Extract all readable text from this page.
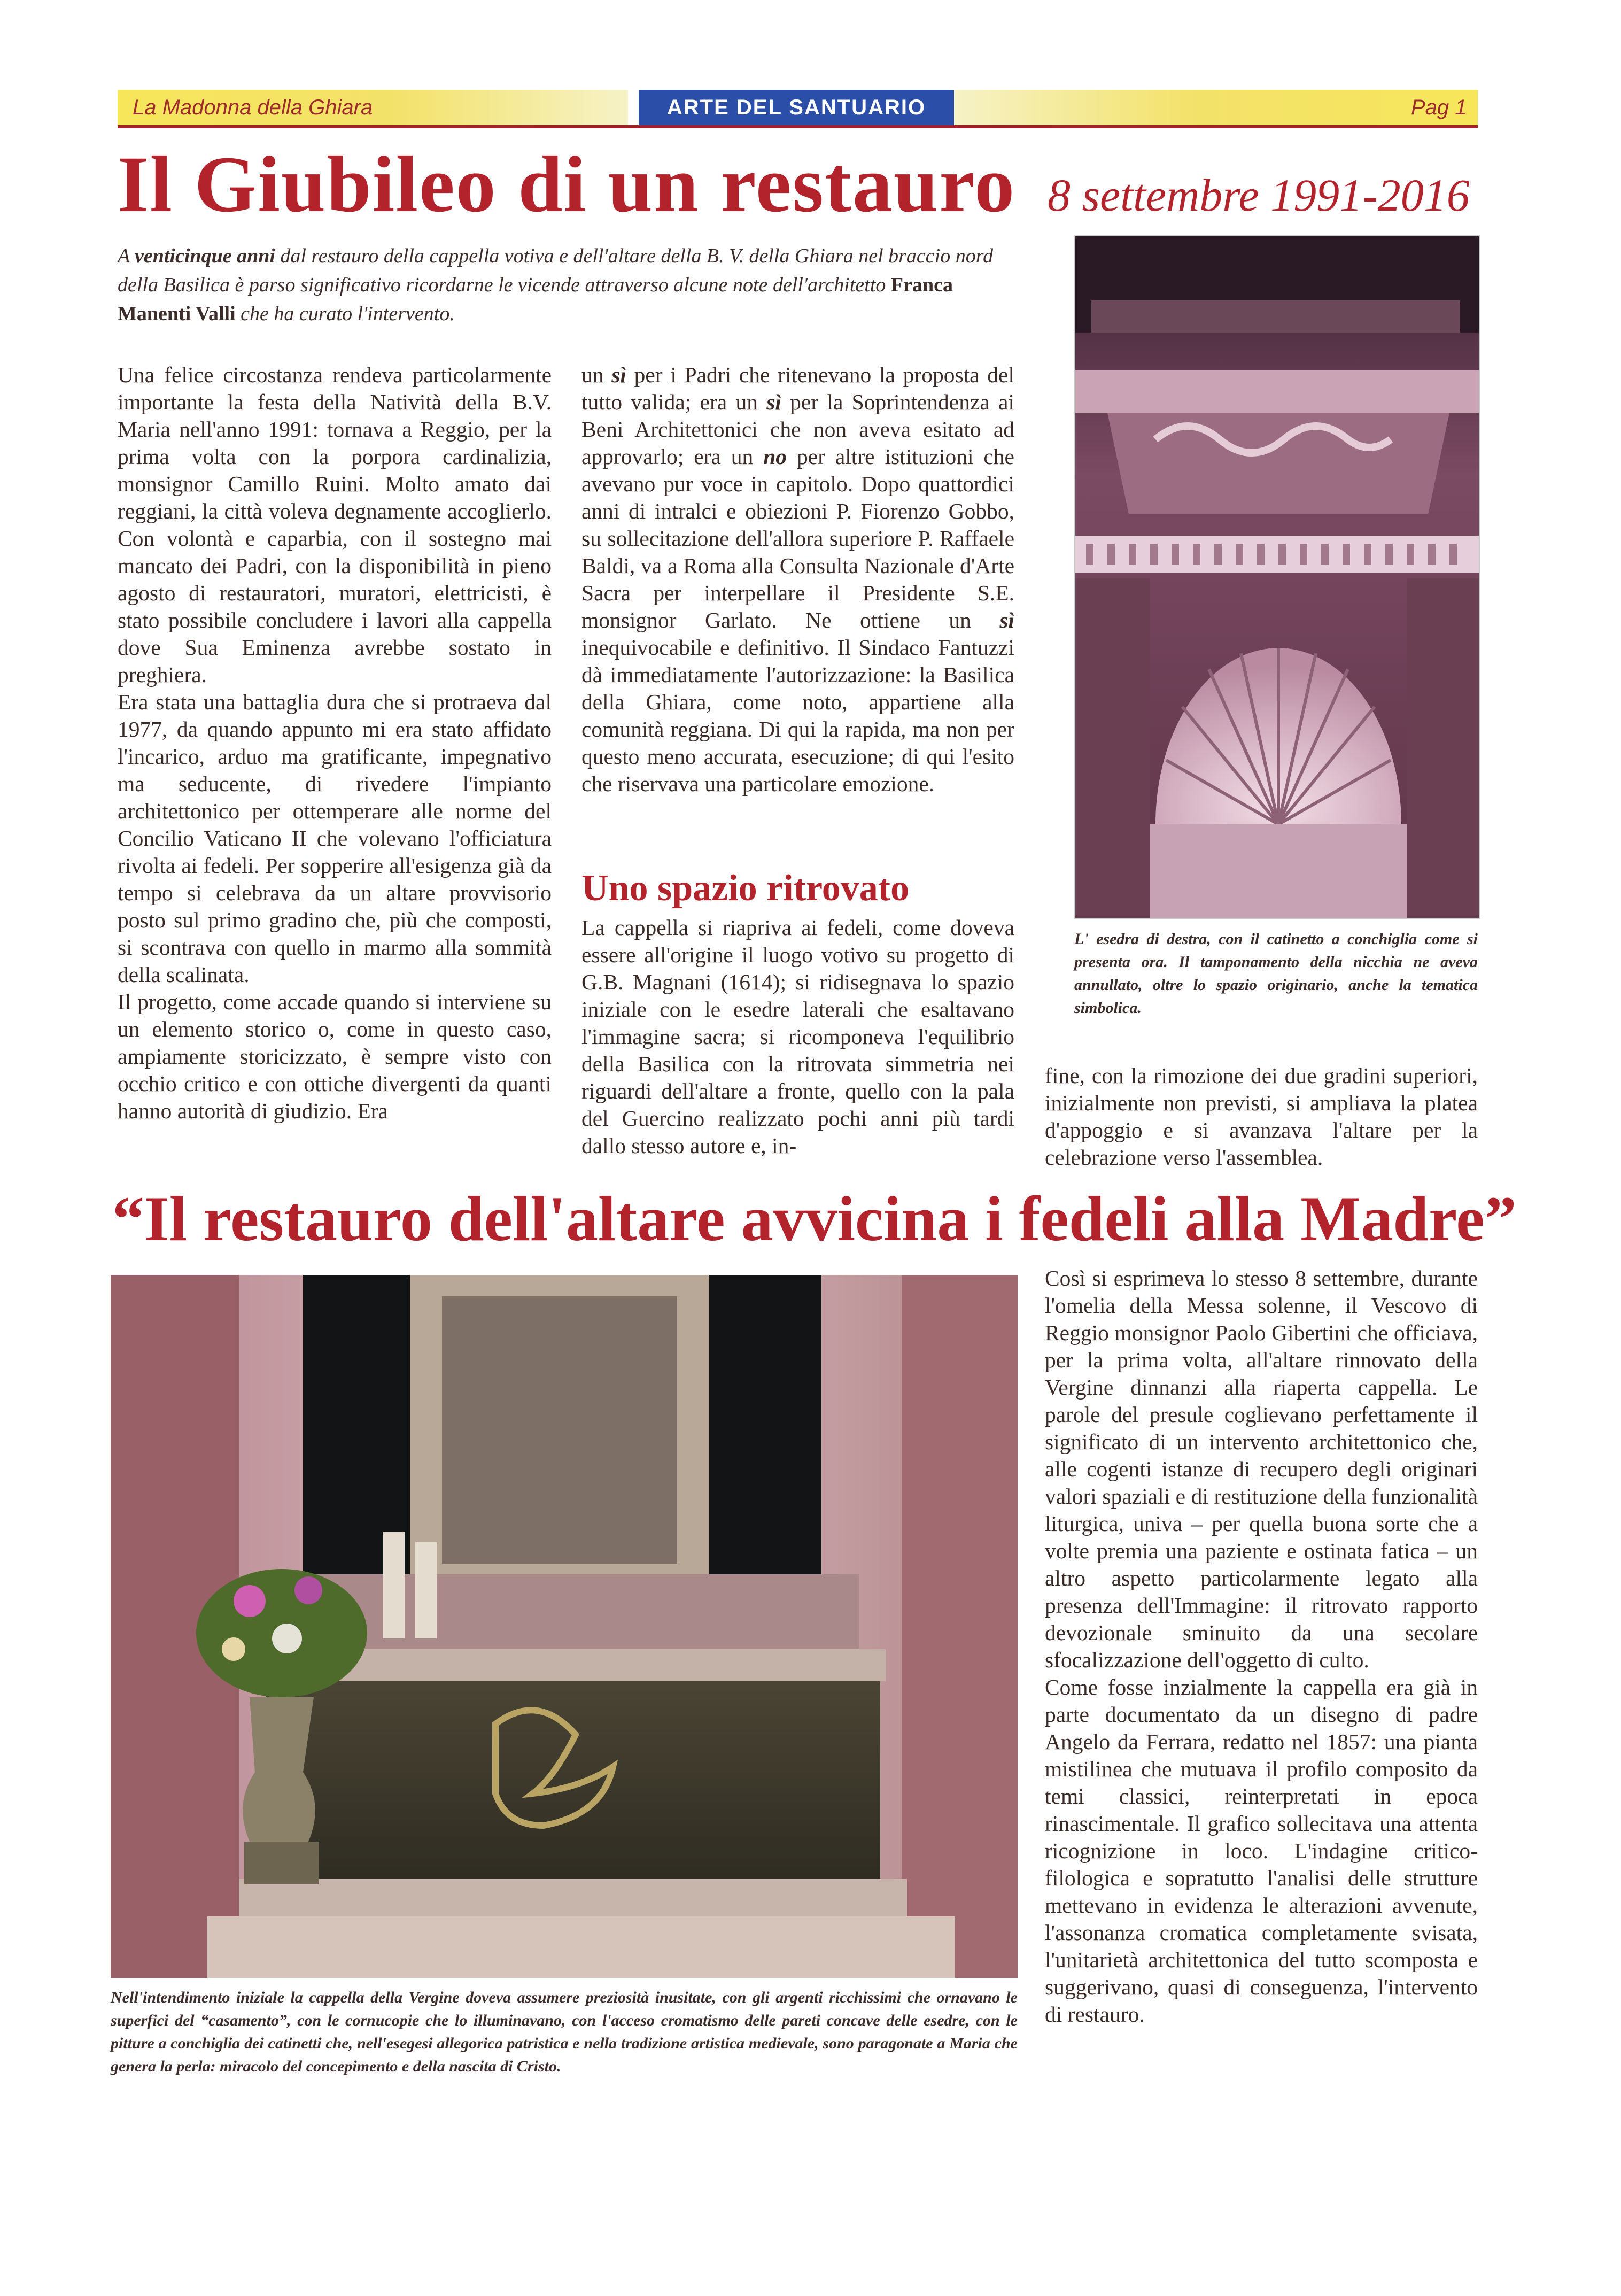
La Madonna della Ghiara	ARTE DEL SANTUARIO	Pag 1
Il Giubileo di un restauro 8 settembre 1991-2016
A venticinque anni dal restauro della cappella votiva e dell'altare della B. V. della Ghiara nel braccio nord della Basilica è parso significativo ricordarne le vicende attraverso alcune note dell'architetto Franca Manenti Valli che ha curato l'intervento.

Una felice circostanza rendeva particolarmente importante la festa della Natività della B.V. Maria nell'anno 1991: tornava a Reggio, per la prima volta con la porpora cardinalizia, monsignor Camillo Ruini. Molto amato dai reggiani, la città voleva degnamente accoglierlo. Con volontà e caparbia, con il sostegno mai mancato dei Padri, con la disponibilità in pieno agosto di restauratori, muratori, elettricisti, è stato possibile concludere i lavori alla cappella dove Sua Eminenza avrebbe sostato in preghiera.

Era stata una battaglia dura che si protraeva dal 1977, da quando appunto mi era stato affidato l'incarico, arduo ma gratificante, impegnativo ma seducente, di rivedere l'impianto architettonico per ottemperare alle norme del Concilio Vaticano II che volevano l'officiatura rivolta ai fedeli. Per sopperire all'esigenza già da tempo si celebrava da un altare provvisorio posto sul primo gradino che, più che composti, si scontrava con quello in marmo alla sommità della scalinata.

Il progetto, come accade quando si interviene su un elemento storico o, come in questo caso, ampiamente storicizzato, è sempre visto con occhio critico e con ottiche divergenti da quanti hanno autorità di giudizio. Era

un sì per i Padri che ritenevano la proposta del tutto valida; era un sì per la Soprintendenza ai Beni Architettonici che non aveva esitato ad approvarlo; era un no per altre istituzioni che avevano pur voce in capitolo. Dopo quattordici anni di intralci e obiezioni P. Fiorenzo Gobbo, su sollecitazione dell'allora superiore P. Raffaele Baldi, va a Roma alla Consulta Nazionale d'Arte Sacra per interpellare il Presidente S.E. monsignor Garlato. Ne ottiene un sì inequivocabile e definitivo. Il Sindaco Fantuzzi dà immediatamente l'autorizzazione: la Basilica della Ghiara, come noto, appartiene alla comunità reggiana. Di qui la rapida, ma non per questo meno accurata, esecuzione; di qui l'esito che riservava una particolare emozione.

Uno spazio ritrovato

La cappella si riapriva ai fedeli, come doveva essere all'origine il luogo votivo su progetto di G.B. Magnani (1614); si ridisegnava lo spazio iniziale con le esedre laterali che esaltavano l'immagine sacra; si ricomponeva l'equilibrio della Basilica con la ritrovata simmetria nei riguardi dell'altare a fronte, quello con la pala del Guercino realizzato pochi anni più tardi dallo stesso autore e, in-

L' esedra di destra, con il catinetto a conchiglia come si presenta ora. Il tamponamento della nicchia ne aveva annullato, oltre lo spazio originario, anche la tematica simbolica.

fine, con la rimozione dei due gradini superiori, inizialmente non previsti, si ampliava la platea d'appoggio e si avanzava l'altare per la celebrazione verso l'assemblea.

“Il restauro dell'altare avvicina i fedeli alla Madre”
Nell'intendimento iniziale la cappella della Vergine doveva assumere preziosità inusitate, con gli argenti ricchissimi che ornavano le superfici del “casamento”, con le cornucopie che lo illuminavano, con l'acceso cromatismo delle pareti concave delle esedre, con le pitture a conchiglia dei catinetti che, nell'esegesi allegorica patristica e nella tradizione artistica medievale, sono paragonate a Maria che genera la perla: miracolo del concepimento e della nascita di Cristo.

Così si esprimeva lo stesso 8 settembre, durante l'omelia della Messa solenne, il Vescovo di Reggio monsignor Paolo Gibertini che officiava, per la prima volta, all'altare rinnovato della Vergine dinnanzi alla riaperta cappella. Le parole del presule coglievano perfettamente il significato di un intervento architettonico che, alle cogenti istanze di recupero degli originari valori spaziali e di restituzione della funzionalità liturgica, univa – per quella buona sorte che a volte premia una paziente e ostinata fatica – un altro aspetto particolarmente legato alla presenza dell'Immagine: il ritrovato rapporto devozionale sminuito da una secolare sfocalizzazione dell'oggetto di culto.

Come fosse inzialmente la cappella era già in parte documentato da un disegno di padre Angelo da Ferrara, redatto nel 1857: una pianta mistilinea che mutuava il profilo composito da temi classici, reinterpretati in epoca rinascimentale. Il grafico sollecitava una attenta ricognizione in loco. L'indagine critico-filologica e sopratutto l'analisi delle strutture mettevano in evidenza le alterazioni avvenute, l'assonanza cromatica completamente svisata, l'unitarietà architettonica del tutto scomposta e suggerivano, quasi di conseguenza, l'intervento di restauro.
